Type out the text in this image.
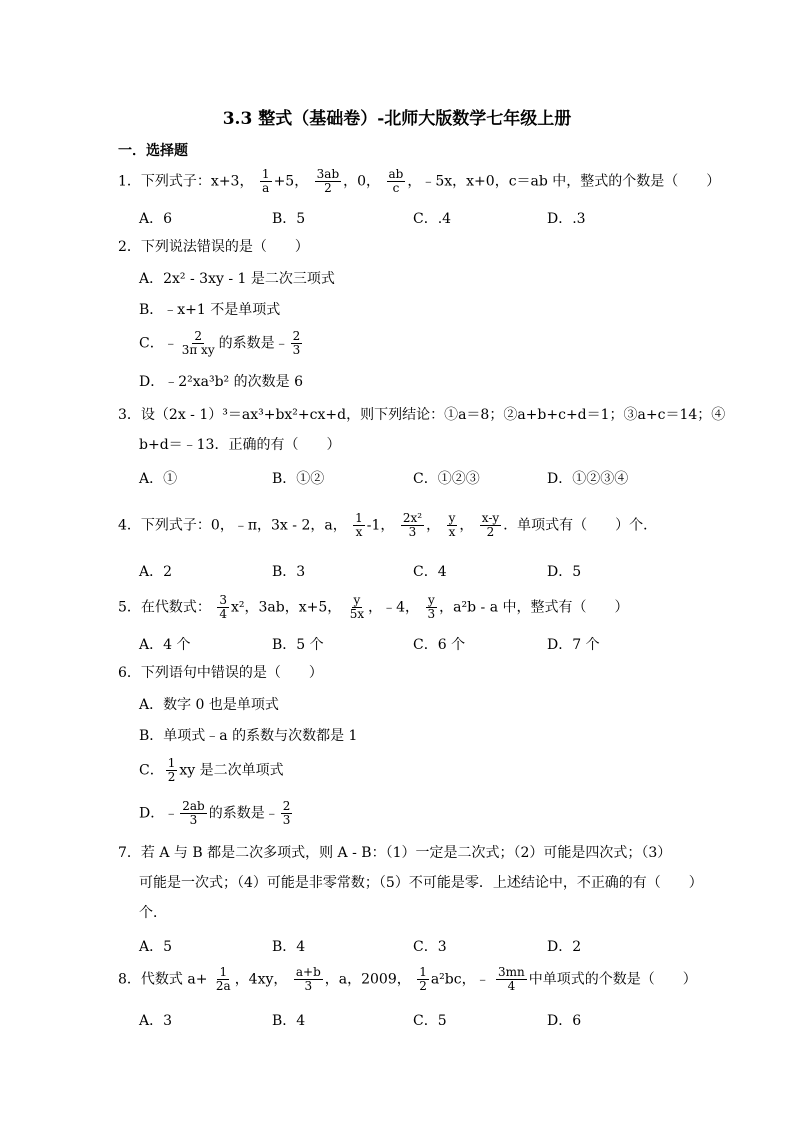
3.3 整式（基础卷）-北师大版数学七年级上册
一．选择题
1．下列式子：x+3， $\frac{1}{a} +5$， $\frac{3ab}{2}$ ，0， $\frac{ab}{c}$ ，﹣5x，x+0，c＝ab 中，整式的个数是（　　）
A．6	B．5	C．.4	D．.3
2．下列说法错误的是（　　）
A．2x² - 3xy - 1 是二次三项式
B．﹣x+1 不是单项式
C．﹣ $\frac{2}{\text{3π xy}}$ 的系数是﹣ $\frac{2}{3}$
D．﹣2²xa³b² 的次数是 6
3．设（2x - 1）³＝ax³+bx²+cx+d，则下列结论：①a＝8；②a+b+c+d＝1；③a+c＝14；④
b+d＝﹣13．正确的有（　　）
A．①	B．①②	C．①②③	D．①②③④
4．下列式子：0，﹣π，3x - 2，a， $\frac{1}{x} -1$， $\frac{\text{2x²}}{3}$ ， $\frac{y}{x}$ ， $\frac{x-y}{2}$ ．单项式有（　　）个．
A．2	B．3	C．4	D．5
5．在代数式： $\frac{3}{4} x^2$，3ab，x+5， $\frac{y}{5x}$ ，﹣4， $\frac{y}{3}$ ，a²b - a 中，整式有（　　）
A．4 个	B．5 个	C．6 个	D．7 个
6．下列语句中错误的是（　　）
A．数字 0 也是单项式
B．单项式﹣a 的系数与次数都是 1
C． $\frac{1}{2}$ xy 是二次单项式
D．﹣ $\frac{2ab}{3}$ 的系数是﹣ $\frac{2}{3}$
7．若 A 与 B 都是二次多项式，则 A - B：（1）一定是二次式；（2）可能是四次式；（3）
可能是一次式；（4）可能是非零常数；（5）不可能是零．上述结论中，不正确的有（　　）
个．
A．5	B．4	C．3	D．2
8．代数式 $a+ \frac{1}{2a}$ ，4xy， $\frac{a+b}{3}$ ，a，2009， $\frac{1}{2} a^2bc$，﹣ $\frac{3mn}{4}$ 中单项式的个数是（　　）
A．3	B．4	C．5	D．6
